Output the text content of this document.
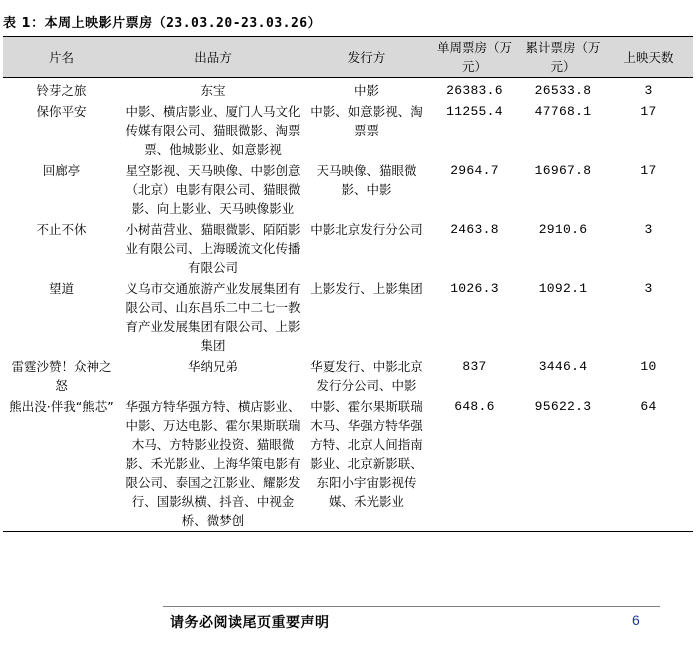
表 1：本周上映影片票房（23.03.20-23.03.26）
片名	出品方	发行方	单周票房（万元）	累计票房（万元）	上映天数
铃芽之旅	东宝	中影	26383.6	26533.8	3
保你平安	中影、横店影业、厦门人马文化传媒有限公司、猫眼微影、淘票票、他城影业、如意影视	中影、如意影视、淘票票	11255.4	47768.1	17
回廊亭	星空影视、天马映像、中影创意（北京）电影有限公司、猫眼微影、向上影业、天马映像影业	天马映像、猫眼微影、中影	2964.7	16967.8	17
不止不休	小树苗营业、猫眼微影、陌陌影业有限公司、上海暖流文化传播有限公司	中影北京发行分公司	2463.8	2910.6	3
望道	义乌市交通旅游产业发展集团有限公司、山东昌乐二中二七一教育产业发展集团有限公司、上影集团	上影发行、上影集团	1026.3	1092.1	3
雷霆沙赞！众神之怒	华纳兄弟	华夏发行、中影北京发行分公司、中影	837	3446.4	10
熊出没·伴我“熊芯”	华强方特华强方特、横店影业、中影、万达电影、霍尔果斯联瑞木马、方特影业投资、猫眼微影、禾光影业、上海华策电影有限公司、泰国之江影业、耀影发行、国影纵横、抖音、中视金桥、微梦创	中影、霍尔果斯联瑞木马、华强方特华强方特、北京人间指南影业、北京新影联、东阳小宇宙影视传媒、禾光影业	648.6	95622.3	64
请务必阅读尾页重要声明	6
